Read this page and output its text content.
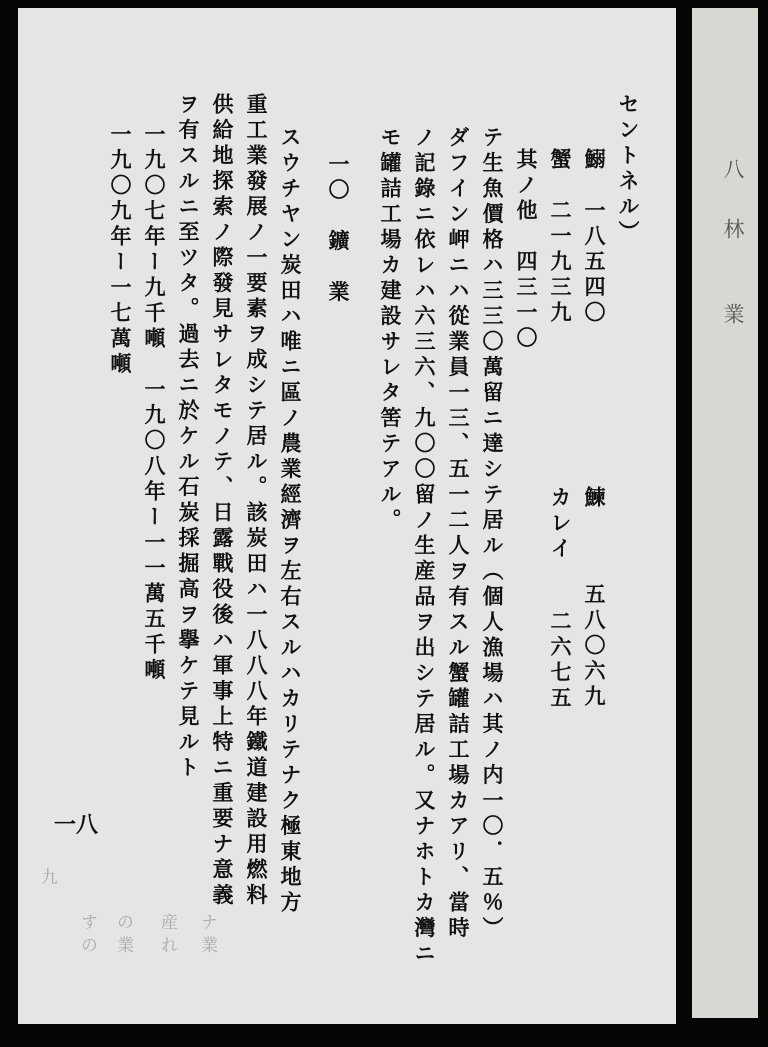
八
林
業
セントネル）
鰯　一八五四〇
蟹　二一九三九
其ノ他　四三一〇
鰊
五八〇六九
カレイ
二六七五
テ生魚價格ハ三三〇萬留ニ達シテ居ル（個人漁場ハ其ノ内一〇．五％）
ダフイン岬ニハ從業員一三、五一二人ヲ有スル蟹罐詰工場カアリ、當時
ノ記錄ニ依レハ六三六、九〇〇留ノ生産品ヲ出シテ居ル。又ナホトカ灣ニ
モ罐詰工場カ建設サレタ筈テアル。
一〇　鑛　業
スウチヤン炭田ハ唯ニ區ノ農業經濟ヲ左右スルハカリテナク極東地方
重工業發展ノ一要素ヲ成シテ居ル。該炭田ハ一八八八年鐵道建設用燃料
供給地探索ノ際發見サレタモノテ、日露戰役後ハ軍事上特ニ重要ナ意義
ヲ有スルニ至ツタ。過去ニ於ケル石炭採掘高ヲ擧ケテ見ルト
一九〇七年ー九千噸　一九〇八年ー一一萬五千噸
一九〇九年ー一七萬噸
九
すの の業 産れ ナ業
一八
